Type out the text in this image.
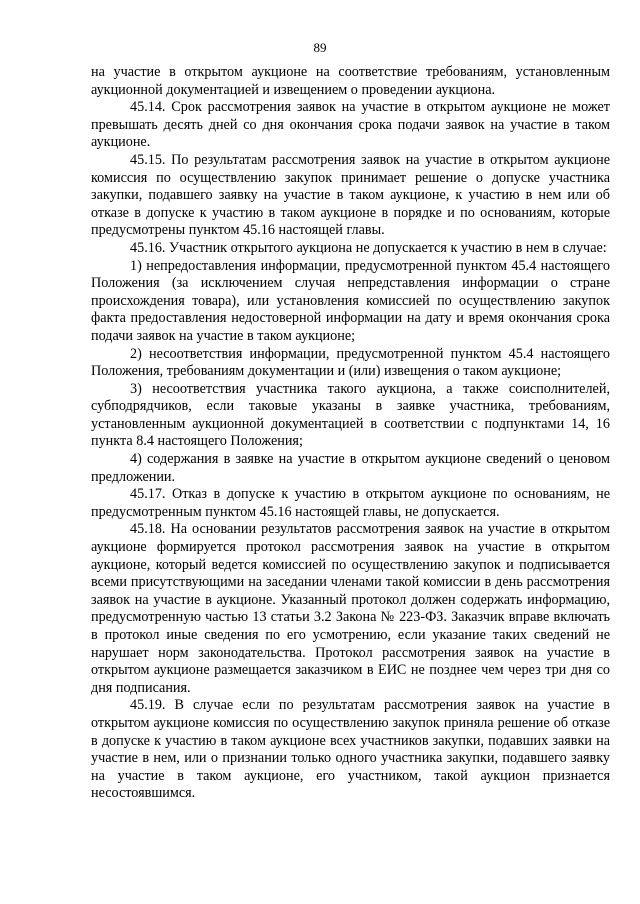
89

на участие в открытом аукционе на соответствие требованиям, установленным аукционной документацией и извещением о проведении аукциона.

45.14. Срок рассмотрения заявок на участие в открытом аукционе не может превышать десять дней со дня окончания срока подачи заявок на участие в таком аукционе.

45.15. По результатам рассмотрения заявок на участие в открытом аукционе комиссия по осуществлению закупок принимает решение о допуске участника закупки, подавшего заявку на участие в таком аукционе, к участию в нем или об отказе в допуске к участию в таком аукционе в порядке и по основаниям, которые предусмотрены пунктом 45.16 настоящей главы.

45.16. Участник открытого аукциона не допускается к участию в нем в случае:

1) непредоставления информации, предусмотренной пунктом 45.4 настоящего Положения (за исключением случая непредставления информации о стране происхождения товара), или установления комиссией по осуществлению закупок факта предоставления недостоверной информации на дату и время окончания срока подачи заявок на участие в таком аукционе;

2) несоответствия информации, предусмотренной пунктом 45.4 настоящего Положения, требованиям документации и (или) извещения о таком аукционе;

3) несоответствия участника такого аукциона, а также соисполнителей, субподрядчиков, если таковые указаны в заявке участника, требованиям, установленным аукционной документацией в соответствии с подпунктами 14, 16 пункта 8.4 настоящего Положения;

4) содержания в заявке на участие в открытом аукционе сведений о ценовом предложении.

45.17. Отказ в допуске к участию в открытом аукционе по основаниям, не предусмотренным пунктом 45.16 настоящей главы, не допускается.

45.18. На основании результатов рассмотрения заявок на участие в открытом аукционе формируется протокол рассмотрения заявок на участие в открытом аукционе, который ведется комиссией по осуществлению закупок и подписывается всеми присутствующими на заседании членами такой комиссии в день рассмотрения заявок на участие в аукционе. Указанный протокол должен содержать информацию, предусмотренную частью 13 статьи 3.2 Закона № 223-ФЗ. Заказчик вправе включать в протокол иные сведения по его усмотрению, если указание таких сведений не нарушает норм законодательства. Протокол рассмотрения заявок на участие в открытом аукционе размещается заказчиком в ЕИС не позднее чем через три дня со дня подписания.

45.19. В случае если по результатам рассмотрения заявок на участие в открытом аукционе комиссия по осуществлению закупок приняла решение об отказе в допуске к участию в таком аукционе всех участников закупки, подавших заявки на участие в нем, или о признании только одного участника закупки, подавшего заявку на участие в таком аукционе, его участником, такой аукцион признается несостоявшимся.
